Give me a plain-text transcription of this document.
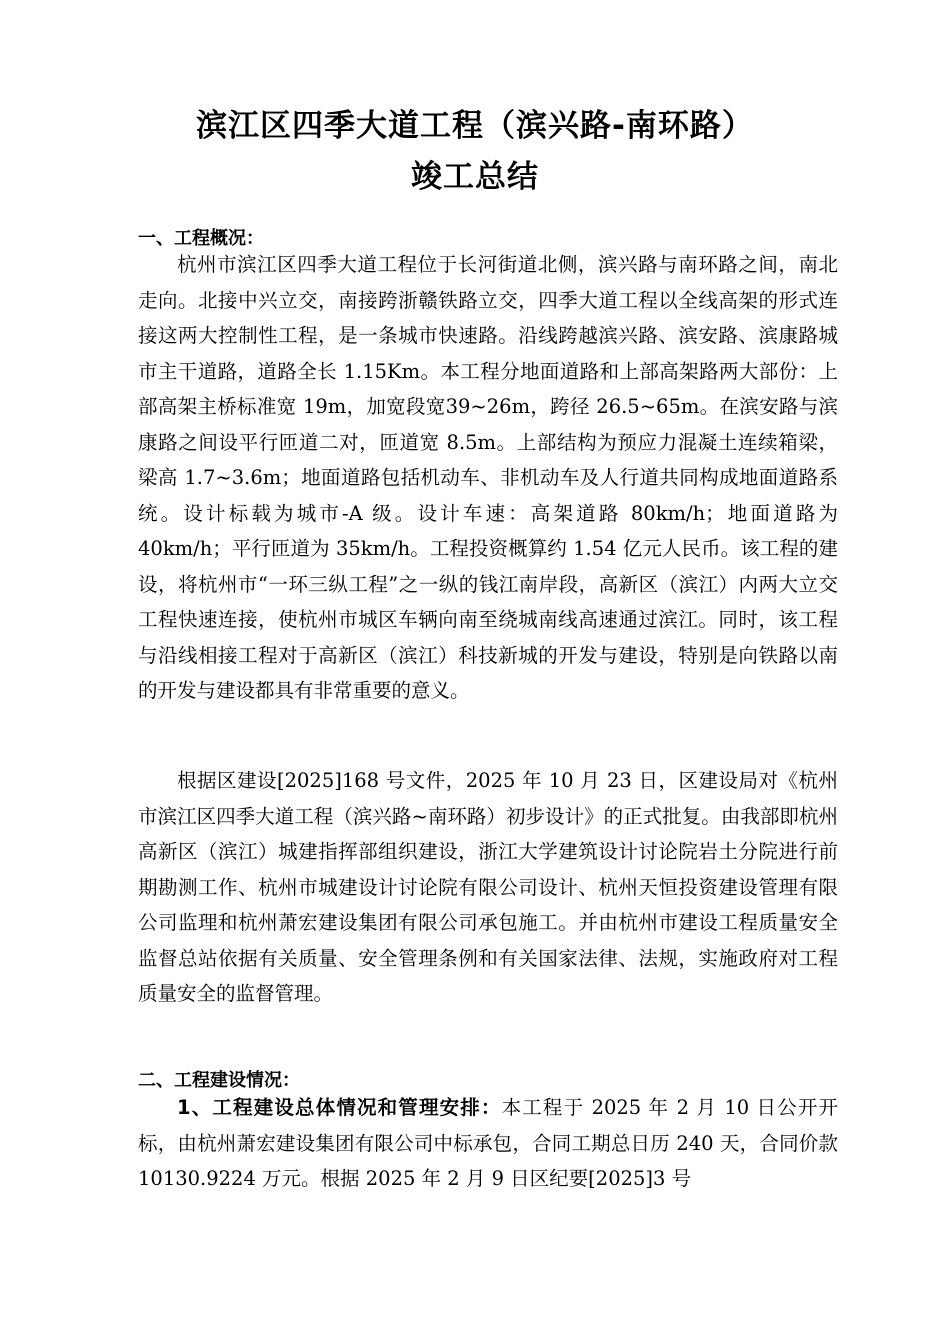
滨江区四季大道工程（滨兴路-南环路）
竣工总结
一、工程概况：

杭州市滨江区四季大道工程位于长河街道北侧，滨兴路与南环路之间，南北走向。北接中兴立交，南接跨浙赣铁路立交，四季大道工程以全线高架的形式连接这两大控制性工程，是一条城市快速路。沿线跨越滨兴路、滨安路、滨康路城市主干道路，道路全长 1.15Km。本工程分地面道路和上部高架路两大部份：上部高架主桥标准宽 19m，加宽段宽39~26m，跨径 26.5~65m。在滨安路与滨康路之间设平行匝道二对，匝道宽 8.5m。上部结构为预应力混凝土连续箱梁， 梁高 1.7~3.6m；地面道路包括机动车、非机动车及人行道共同构成地面道路系统。设计标载为城市-A 级。设计车速：高架道路 80km/h；地面道路为 40km/h；平行匝道为 35km/h。工程投资概算约 1.54 亿元人民币。该工程的建设，将杭州市“一环三纵工程”之一纵的钱江南岸段，高新区（滨江）内两大立交工程快速连接，使杭州市城区车辆向南至绕城南线高速通过滨江。同时，该工程与沿线相接工程对于高新区（滨江）科技新城的开发与建设，特别是向铁路以南的开发与建设都具有非常重要的意义。

根据区建设[2025]168 号文件，2025 年 10 月 23 日，区建设局对《杭州市滨江区四季大道工程（滨兴路~南环路）初步设计》的正式批复。由我部即杭州高新区（滨江）城建指挥部组织建设，浙江大学建筑设计讨论院岩土分院进行前期勘测工作、杭州市城建设计讨论院有限公司设计、杭州天恒投资建设管理有限公司监理和杭州萧宏建设集团有限公司承包施工。并由杭州市建设工程质量安全监督总站依据有关质量、安全管理条例和有关国家法律、法规，实施政府对工程质量安全的监督管理。

二、工程建设情况：

1、工程建设总体情况和管理安排：本工程于 2025 年 2 月 10 日公开开标，由杭州萧宏建设集团有限公司中标承包，合同工期总日历 240 天，合同价款 10130.9224 万元。根据 2025 年 2 月 9 日区纪要[2025]3 号
